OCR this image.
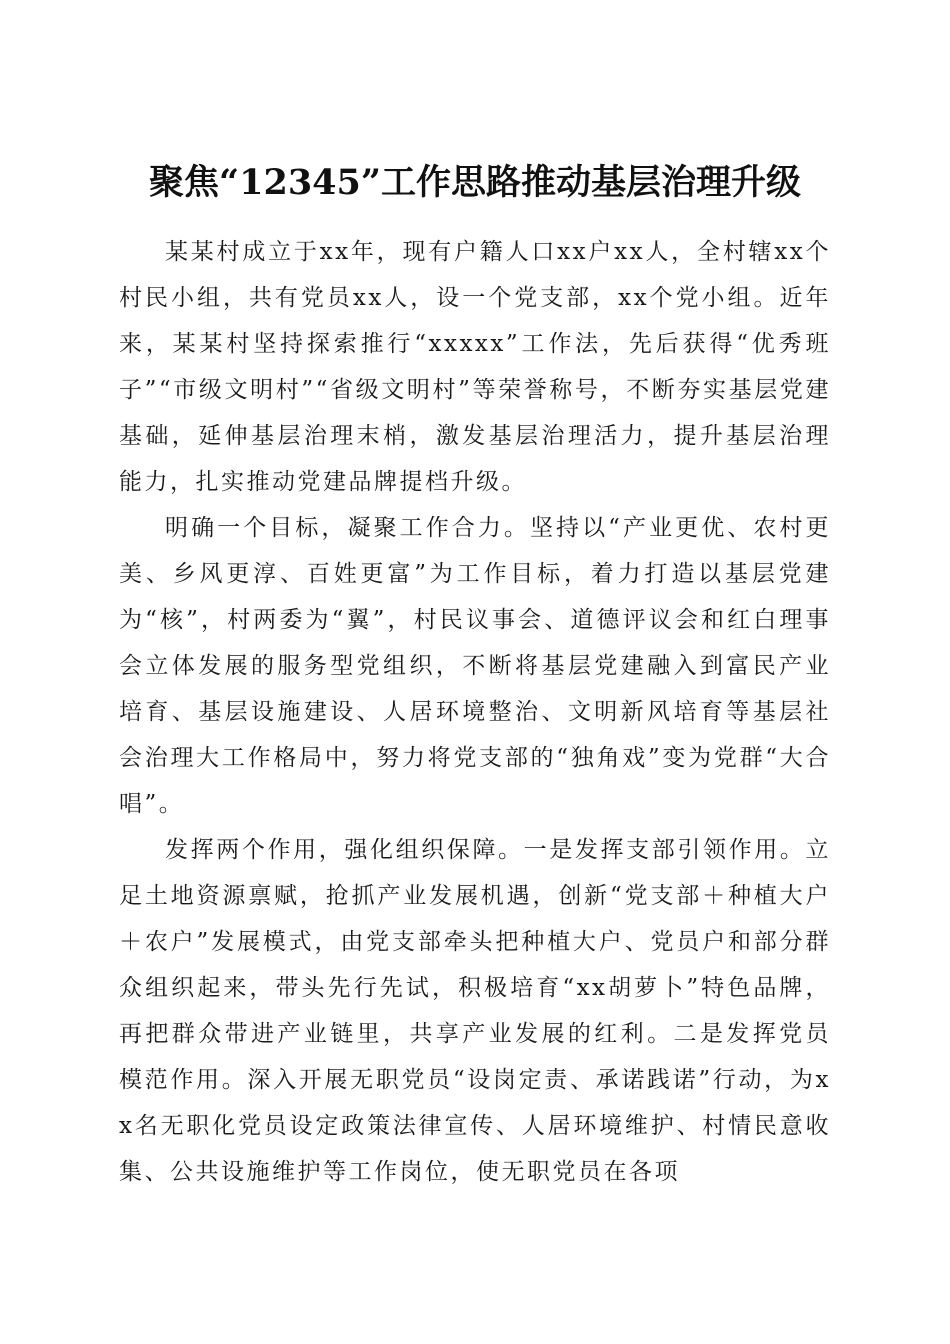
聚焦“12345”工作思路推动基层治理升级

某某村成立于xx年，现有户籍人口xx户xx人，全村辖xx个村民小组，共有党员xx人，设一个党支部，xx个党小组。近年来，某某村坚持探索推行“xxxxx”工作法，先后获得“优秀班子”“市级文明村”“省级文明村”等荣誉称号，不断夯实基层党建基础，延伸基层治理末梢，激发基层治理活力，提升基层治理能力，扎实推动党建品牌提档升级。

明确一个目标，凝聚工作合力。坚持以“产业更优、农村更美、乡风更淳、百姓更富”为工作目标，着力打造以基层党建为“核”，村两委为“翼”，村民议事会、道德评议会和红白理事会立体发展的服务型党组织，不断将基层党建融入到富民产业培育、基层设施建设、人居环境整治、文明新风培育等基层社会治理大工作格局中，努力将党支部的“独角戏”变为党群“大合唱”。

发挥两个作用，强化组织保障。一是发挥支部引领作用。立足土地资源禀赋，抢抓产业发展机遇，创新“党支部＋种植大户＋农户”发展模式，由党支部牵头把种植大户、党员户和部分群众组织起来，带头先行先试，积极培育“xx胡萝卜”特色品牌，再把群众带进产业链里，共享产业发展的红利。二是发挥党员模范作用。深入开展无职党员“设岗定责、承诺践诺”行动，为xx名无职化党员设定政策法律宣传、人居环境维护、村情民意收集、公共设施维护等工作岗位，使无职党员在各项
